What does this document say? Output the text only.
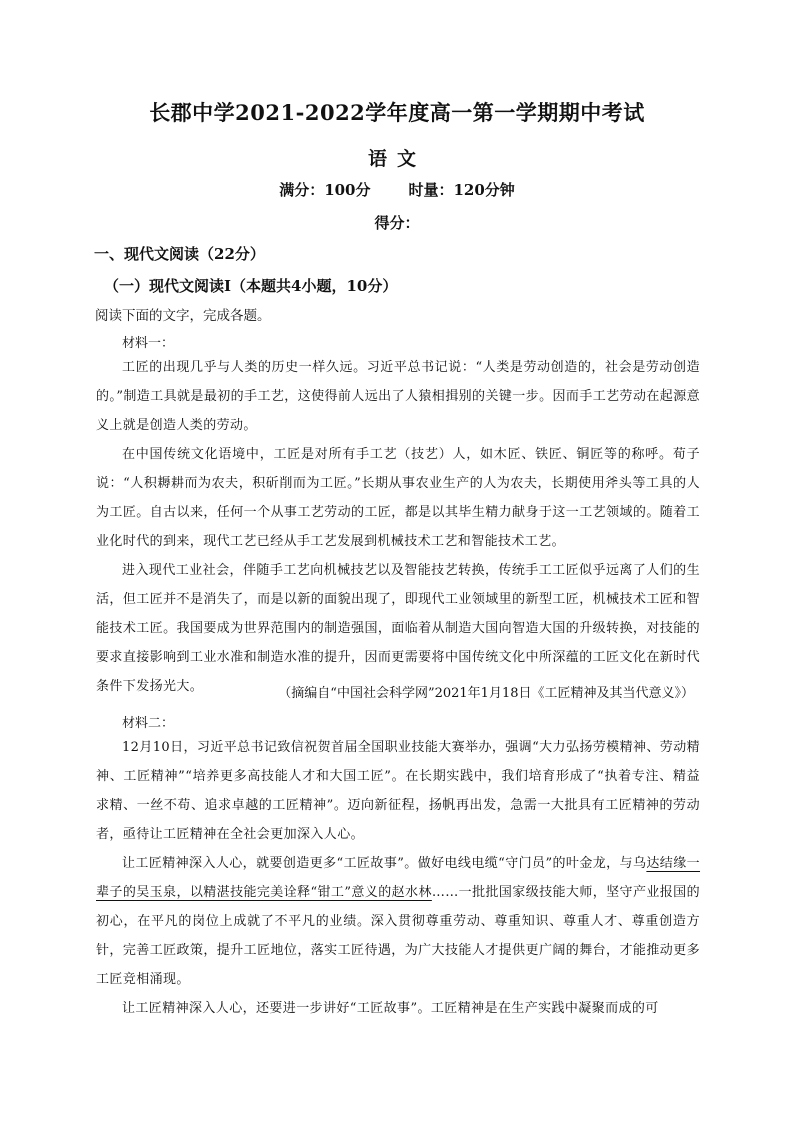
长郡中学2021-2022学年度高一第一学期期中考试
语文
满分：100分	时量：120分钟
得分：
一、现代文阅读（22分）
（一）现代文阅读Ⅰ（本题共4小题，10分）
阅读下面的文字，完成各题。
材料一：

工匠的出现几乎与人类的历史一样久远。习近平总书记说：“人类是劳动创造的，社会是劳动创造的。”制造工具就是最初的手工艺，这使得前人远出了人猿相揖别的关键一步。因而手工艺劳动在起源意义上就是创造人类的劳动。

在中国传统文化语境中，工匠是对所有手工艺（技艺）人，如木匠、铁匠、铜匠等的称呼。荀子说：“人积耨耕而为农夫，积斫削而为工匠。”长期从事农业生产的人为农夫，长期使用斧头等工具的人为工匠。自古以来，任何一个从事工艺劳动的工匠，都是以其毕生精力献身于这一工艺领域的。随着工业化时代的到来，现代工艺已经从手工艺发展到机械技术工艺和智能技术工艺。

进入现代工业社会，伴随手工艺向机械技艺以及智能技艺转换，传统手工工匠似乎远离了人们的生活，但工匠并不是消失了，而是以新的面貌出现了，即现代工业领域里的新型工匠，机械技术工匠和智能技术工匠。我国要成为世界范围内的制造强国，面临着从制造大国向智造大国的升级转换，对技能的要求直接影响到工业水准和制造水准的提升，因而更需要将中国传统文化中所深蕴的工匠文化在新时代条件下发扬光大。	（摘编自“中国社会科学网”2021年1月18日《工匠精神及其当代意义》）
材料二：

12月10日，习近平总书记致信祝贺首届全国职业技能大赛举办，强调“大力弘扬劳模精神、劳动精神、工匠精神”“培养更多高技能人才和大国工匠”。在长期实践中，我们培育形成了“执着专注、精益求精、一丝不苟、追求卓越的工匠精神”。迈向新征程，扬帆再出发，急需一大批具有工匠精神的劳动者，亟待让工匠精神在全社会更加深入人心。

让工匠精神深入人心，就要创造更多“工匠故事”。做好电线电缆“守门员”的叶金龙，与乌达结缘一辈子的吴玉泉，以精湛技能完美诠释“钳工”意义的赵水林……一批批国家级技能大师，坚守产业报国的初心，在平凡的岗位上成就了不平凡的业绩。深入贯彻尊重劳动、尊重知识、尊重人才、尊重创造方针，完善工匠政策，提升工匠地位，落实工匠待遇，为广大技能人才提供更广阔的舞台，才能推动更多工匠竞相涌现。

让工匠精神深入人心，还要进一步讲好“工匠故事”。工匠精神是在生产实践中凝聚而成的可
